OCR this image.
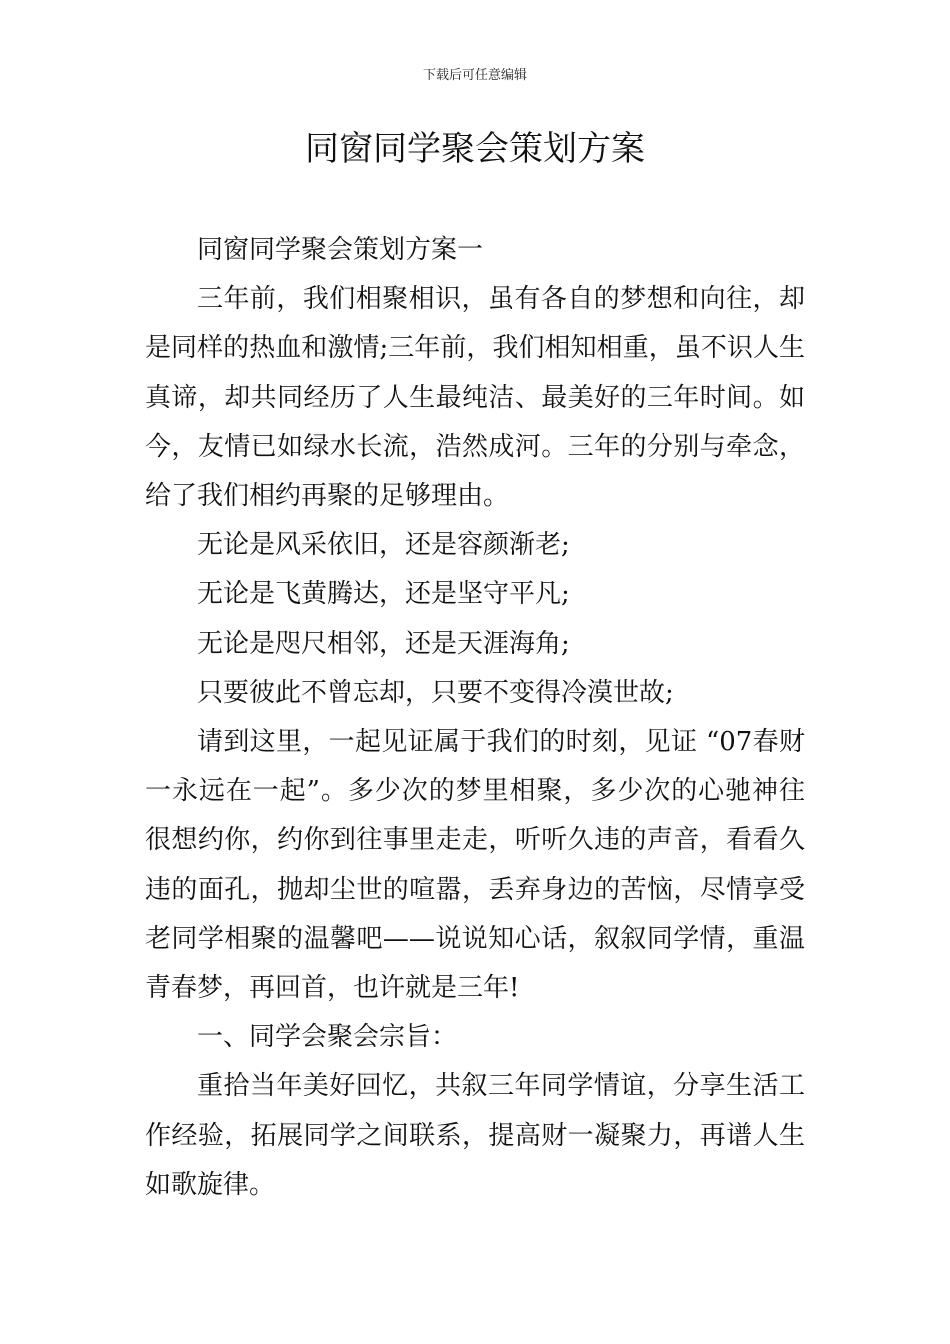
下载后可任意编辑
同窗同学聚会策划方案

同窗同学聚会策划方案一

三年前，我们相聚相识，虽有各自的梦想和向往，却是同样的热血和激情;三年前，我们相知相重，虽不识人生真谛，却共同经历了人生最纯洁、最美好的三年时间。如今，友情已如绿水长流，浩然成河。三年的分别与牵念，给了我们相约再聚的足够理由。

无论是风采依旧，还是容颜渐老;

无论是飞黄腾达，还是坚守平凡;

无论是咫尺相邻，还是天涯海角;

只要彼此不曾忘却，只要不变得冷漠世故;

请到这里，一起见证属于我们的时刻，见证 “07春财一永远在一起”。多少次的梦里相聚，多少次的心驰神往很想约你，约你到往事里走走，听听久违的声音，看看久违的面孔，抛却尘世的喧嚣，丢弃身边的苦恼，尽情享受老同学相聚的温馨吧——说说知心话，叙叙同学情，重温青春梦，再回首，也许就是三年!

一、同学会聚会宗旨：

重拾当年美好回忆，共叙三年同学情谊，分享生活工作经验，拓展同学之间联系，提高财一凝聚力，再谱人生如歌旋律。
